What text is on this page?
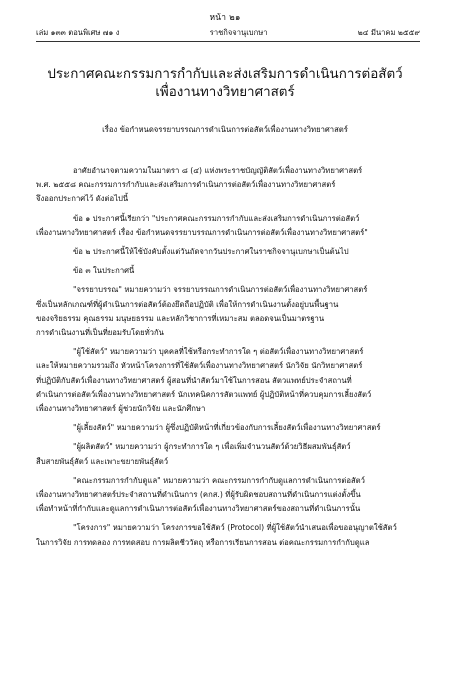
หน้า ๒๑
เล่ม ๑๓๓ ตอนพิเศษ ๗๑ ง	ราชกิจจานุเบกษา	๒๔ มีนาคม ๒๕๕๙
ประกาศคณะกรรมการกำกับและส่งเสริมการดำเนินการต่อสัตว์
เพื่องานทางวิทยาศาสตร์
เรื่อง ข้อกำหนดจรรยาบรรณการดำเนินการต่อสัตว์เพื่องานทางวิทยาศาสตร์

อาศัยอำนาจตามความในมาตรา ๘ (๔) แห่งพระราชบัญญัติสัตว์เพื่องานทางวิทยาศาสตร์

พ.ศ. ๒๕๕๘ คณะกรรมการกำกับและส่งเสริมการดำเนินการต่อสัตว์เพื่องานทางวิทยาศาสตร์

จึงออกประกาศไว้ ดังต่อไปนี้

ข้อ ๑ ประกาศนี้เรียกว่า "ประกาศคณะกรรมการกำกับและส่งเสริมการดำเนินการต่อสัตว์

เพื่องานทางวิทยาศาสตร์ เรื่อง ข้อกำหนดจรรยาบรรณการดำเนินการต่อสัตว์เพื่องานทางวิทยาศาสตร์"

ข้อ ๒ ประกาศนี้ให้ใช้บังคับตั้งแต่วันถัดจากวันประกาศในราชกิจจานุเบกษาเป็นต้นไป

ข้อ ๓ ในประกาศนี้

"จรรยาบรรณ" หมายความว่า จรรยาบรรณการดำเนินการต่อสัตว์เพื่องานทางวิทยาศาสตร์

ซึ่งเป็นหลักเกณฑ์ที่ผู้ดำเนินการต่อสัตว์ต้องยึดถือปฏิบัติ เพื่อให้การดำเนินงานตั้งอยู่บนพื้นฐาน

ของจริยธรรม คุณธรรม มนุษยธรรม และหลักวิชาการที่เหมาะสม ตลอดจนเป็นมาตรฐาน

การดำเนินงานที่เป็นที่ยอมรับโดยทั่วกัน

"ผู้ใช้สัตว์" หมายความว่า บุคคลที่ใช้หรือกระทำการใด ๆ ต่อสัตว์เพื่องานทางวิทยาศาสตร์

และให้หมายความรวมถึง หัวหน้าโครงการที่ใช้สัตว์เพื่องานทางวิทยาศาสตร์ นักวิจัย นักวิทยาศาสตร์

ที่ปฏิบัติกับสัตว์เพื่องานทางวิทยาศาสตร์ ผู้สอนที่นำสัตว์มาใช้ในการสอน สัตวแพทย์ประจำสถานที่

ดำเนินการต่อสัตว์เพื่องานทางวิทยาศาสตร์ นักเทคนิคการสัตวแพทย์ ผู้ปฏิบัติหน้าที่ควบคุมการเลี้ยงสัตว์

เพื่องานทางวิทยาศาสตร์ ผู้ช่วยนักวิจัย และนักศึกษา

"ผู้เลี้ยงสัตว์" หมายความว่า ผู้ซึ่งปฏิบัติหน้าที่เกี่ยวข้องกับการเลี้ยงสัตว์เพื่องานทางวิทยาศาสตร์

"ผู้ผลิตสัตว์" หมายความว่า ผู้กระทำการใด ๆ เพื่อเพิ่มจำนวนสัตว์ด้วยวิธีผสมพันธุ์สัตว์

สืบสายพันธุ์สัตว์ และเพาะขยายพันธุ์สัตว์

"คณะกรรมการกำกับดูแล" หมายความว่า คณะกรรมการกำกับดูแลการดำเนินการต่อสัตว์

เพื่องานทางวิทยาศาสตร์ประจำสถานที่ดำเนินการ (คกส.) ที่ผู้รับผิดชอบสถานที่ดำเนินการแต่งตั้งขึ้น

เพื่อทำหน้าที่กำกับและดูแลการดำเนินการต่อสัตว์เพื่องานทางวิทยาศาสตร์ของสถานที่ดำเนินการนั้น

"โครงการ" หมายความว่า โครงการขอใช้สัตว์ (Protocol) ที่ผู้ใช้สัตว์นำเสนอเพื่อขออนุญาตใช้สัตว์

ในการวิจัย การทดลอง การทดสอบ การผลิตชีววัตถุ หรือการเรียนการสอน ต่อคณะกรรมการกำกับดูแล
